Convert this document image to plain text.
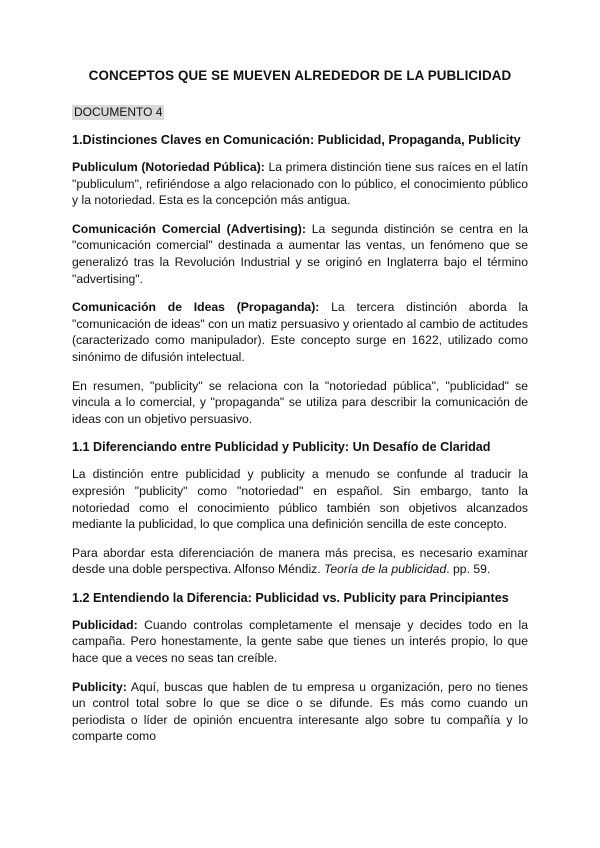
CONCEPTOS QUE SE MUEVEN ALREDEDOR DE LA PUBLICIDAD
DOCUMENTO 4
1.Distinciones Claves en Comunicación: Publicidad, Propaganda, Publicity

Publiculum (Notoriedad Pública): La primera distinción tiene sus raíces en el latín "publiculum", refiriéndose a algo relacionado con lo público, el conocimiento público y la notoriedad. Esta es la concepción más antigua.

Comunicación Comercial (Advertising): La segunda distinción se centra en la "comunicación comercial" destinada a aumentar las ventas, un fenómeno que se generalizó tras la Revolución Industrial y se originó en Inglaterra bajo el término "advertising".

Comunicación de Ideas (Propaganda): La tercera distinción aborda la "comunicación de ideas" con un matiz persuasivo y orientado al cambio de actitudes (caracterizado como manipulador). Este concepto surge en 1622, utilizado como sinónimo de difusión intelectual.

En resumen, "publicity" se relaciona con la "notoriedad pública", "publicidad" se vincula a lo comercial, y "propaganda" se utiliza para describir la comunicación de ideas con un objetivo persuasivo.

1.1 Diferenciando entre Publicidad y Publicity: Un Desafío de Claridad

La distinción entre publicidad y publicity a menudo se confunde al traducir la expresión "publicity" como "notoriedad" en español. Sin embargo, tanto la notoriedad como el conocimiento público también son objetivos alcanzados mediante la publicidad, lo que complica una definición sencilla de este concepto.

Para abordar esta diferenciación de manera más precisa, es necesario examinar desde una doble perspectiva. Alfonso Méndiz. Teoría de la publicidad. pp. 59.

1.2 Entendiendo la Diferencia: Publicidad vs. Publicity para Principiantes

Publicidad: Cuando controlas completamente el mensaje y decides todo en la campaña. Pero honestamente, la gente sabe que tienes un interés propio, lo que hace que a veces no seas tan creíble.

Publicity: Aquí, buscas que hablen de tu empresa u organización, pero no tienes un control total sobre lo que se dice o se difunde. Es más como cuando un periodista o líder de opinión encuentra interesante algo sobre tu compañía y lo comparte como
